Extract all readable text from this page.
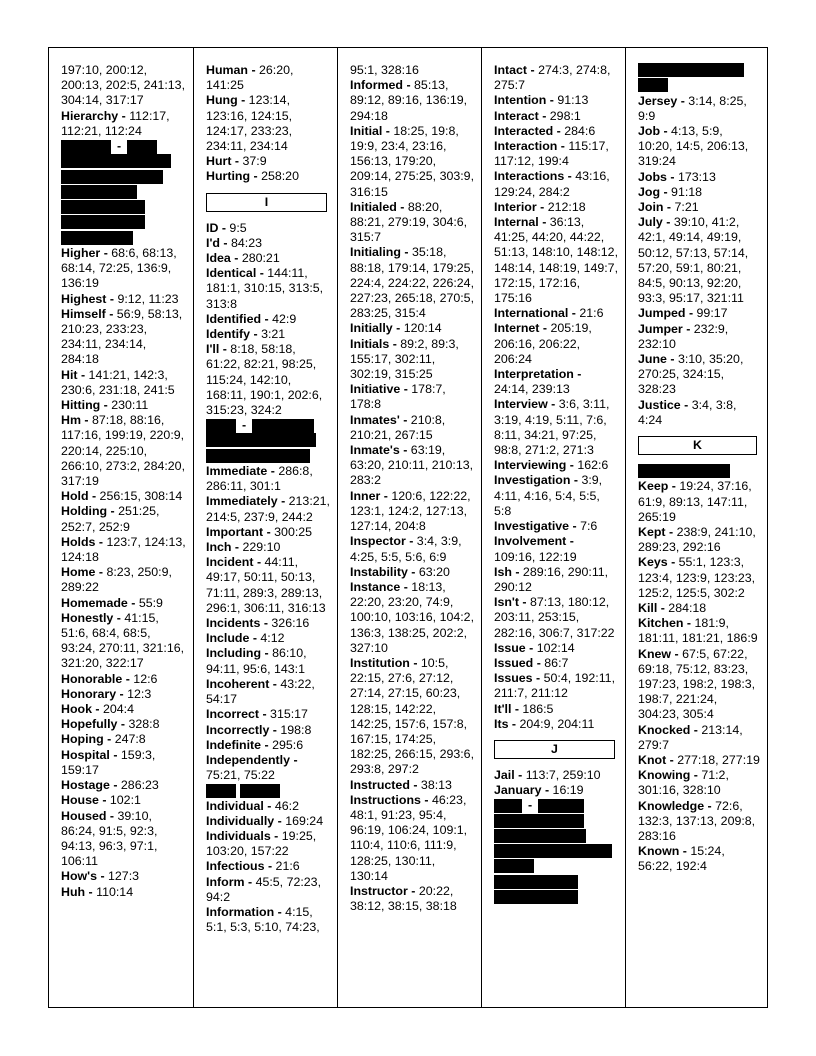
197:10, 200:12, 200:13, 202:5, 241:13, 304:14, 317:17

Hierarchy - 112:17, 112:21, 112:24

-

Higher - 68:6, 68:13, 68:14, 72:25, 136:9, 136:19

Highest - 9:12, 11:23

Himself - 56:9, 58:13, 210:23, 233:23, 234:11, 234:14, 284:18

Hit - 141:21, 142:3, 230:6, 231:18, 241:5

Hitting - 230:11

Hm - 87:18, 88:16, 117:16, 199:19, 220:9, 220:14, 225:10, 266:10, 273:2, 284:20, 317:19

Hold - 256:15, 308:14

Holding - 251:25, 252:7, 252:9

Holds - 123:7, 124:13, 124:18

Home - 8:23, 250:9, 289:22

Homemade - 55:9

Honestly - 41:15, 51:6, 68:4, 68:5, 93:24, 270:11, 321:16, 321:20, 322:17

Honorable - 12:6

Honorary - 12:3

Hook - 204:4

Hopefully - 328:8

Hoping - 247:8

Hospital - 159:3, 159:17

Hostage - 286:23

House - 102:1

Housed - 39:10, 86:24, 91:5, 92:3, 94:13, 96:3, 97:1, 106:11

How's - 127:3

Huh - 110:14

Human - 26:20, 141:25

Hung - 123:14, 123:16, 124:15, 124:17, 233:23, 234:11, 234:14

Hurt - 37:9

Hurting - 258:20

I

ID - 9:5

I'd - 84:23

Idea - 280:21

Identical - 144:11, 181:1, 310:15, 313:5, 313:8

Identified - 42:9

Identify - 3:21

I'll - 8:18, 58:18, 61:22, 82:21, 98:25, 115:24, 142:10, 168:11, 190:1, 202:6, 315:23, 324:2

-

Immediate - 286:8, 286:11, 301:1

Immediately - 213:21, 214:5, 237:9, 244:2

Important - 300:25

Inch - 229:10

Incident - 44:11, 49:17, 50:11, 50:13, 71:11, 289:3, 289:13, 296:1, 306:11, 316:13

Incidents - 326:16

Include - 4:12

Including - 86:10, 94:11, 95:6, 143:1

Incoherent - 43:22, 54:17

Incorrect - 315:17

Incorrectly - 198:8

Indefinite - 295:6

Independently - 75:21, 75:22

Individual - 46:2

Individually - 169:24

Individuals - 19:25, 103:20, 157:22

Infectious - 21:6

Inform - 45:5, 72:23, 94:2

Information - 4:15, 5:1, 5:3, 5:10, 74:23,

95:1, 328:16

Informed - 85:13, 89:12, 89:16, 136:19, 294:18

Initial - 18:25, 19:8, 19:9, 23:4, 23:16, 156:13, 179:20, 209:14, 275:25, 303:9, 316:15

Initialed - 88:20, 88:21, 279:19, 304:6, 315:7

Initialing - 35:18, 88:18, 179:14, 179:25, 224:4, 224:22, 226:24, 227:23, 265:18, 270:5, 283:25, 315:4

Initially - 120:14

Initials - 89:2, 89:3, 155:17, 302:11, 302:19, 315:25

Initiative - 178:7, 178:8

Inmates' - 210:8, 210:21, 267:15

Inmate's - 63:19, 63:20, 210:11, 210:13, 283:2

Inner - 120:6, 122:22, 123:1, 124:2, 127:13, 127:14, 204:8

Inspector - 3:4, 3:9, 4:25, 5:5, 5:6, 6:9

Instability - 63:20

Instance - 18:13, 22:20, 23:20, 74:9, 100:10, 103:16, 104:2, 136:3, 138:25, 202:2, 327:10

Institution - 10:5, 22:15, 27:6, 27:12, 27:14, 27:15, 60:23, 128:15, 142:22, 142:25, 157:6, 157:8, 167:15, 174:25, 182:25, 266:15, 293:6, 293:8, 297:2

Instructed - 38:13

Instructions - 46:23, 48:1, 91:23, 95:4, 96:19, 106:24, 109:1, 110:4, 110:6, 111:9, 128:25, 130:11, 130:14

Instructor - 20:22, 38:12, 38:15, 38:18

Intact - 274:3, 274:8, 275:7

Intention - 91:13

Interact - 298:1

Interacted - 284:6

Interaction - 115:17, 117:12, 199:4

Interactions - 43:16, 129:24, 284:2

Interior - 212:18

Internal - 36:13, 41:25, 44:20, 44:22, 51:13, 148:10, 148:12, 148:14, 148:19, 149:7, 172:15, 172:16, 175:16

International - 21:6

Internet - 205:19, 206:16, 206:22, 206:24

Interpretation - 24:14, 239:13

Interview - 3:6, 3:11, 3:19, 4:19, 5:11, 7:6, 8:11, 34:21, 97:25, 98:8, 271:2, 271:3

Interviewing - 162:6

Investigation - 3:9, 4:11, 4:16, 5:4, 5:5, 5:8

Investigative - 7:6

Involvement - 109:16, 122:19

Ish - 289:16, 290:11, 290:12

Isn't - 87:13, 180:12, 203:11, 253:15, 282:16, 306:7, 317:22

Issue - 102:14

Issued - 86:7

Issues - 50:4, 192:11, 211:7, 211:12

It'll - 186:5

Its - 204:9, 204:11

J

Jail - 113:7, 259:10

January - 16:19

-

Jersey - 3:14, 8:25, 9:9

Job - 4:13, 5:9, 10:20, 14:5, 206:13, 319:24

Jobs - 173:13

Jog - 91:18

Join - 7:21

July - 39:10, 41:2, 42:1, 49:14, 49:19, 50:12, 57:13, 57:14, 57:20, 59:1, 80:21, 84:5, 90:13, 92:20, 93:3, 95:17, 321:11

Jumped - 99:17

Jumper - 232:9, 232:10

June - 3:10, 35:20, 270:25, 324:15, 328:23

Justice - 3:4, 3:8, 4:24

K

Keep - 19:24, 37:16, 61:9, 89:13, 147:11, 265:19

Kept - 238:9, 241:10, 289:23, 292:16

Keys - 55:1, 123:3, 123:4, 123:9, 123:23, 125:2, 125:5, 302:2

Kill - 284:18

Kitchen - 181:9, 181:11, 181:21, 186:9

Knew - 67:5, 67:22, 69:18, 75:12, 83:23, 197:23, 198:2, 198:3, 198:7, 221:24, 304:23, 305:4

Knocked - 213:14, 279:7

Knot - 277:18, 277:19

Knowing - 71:2, 301:16, 328:10

Knowledge - 72:6, 132:3, 137:13, 209:8, 283:16

Known - 15:24, 56:22, 192:4
